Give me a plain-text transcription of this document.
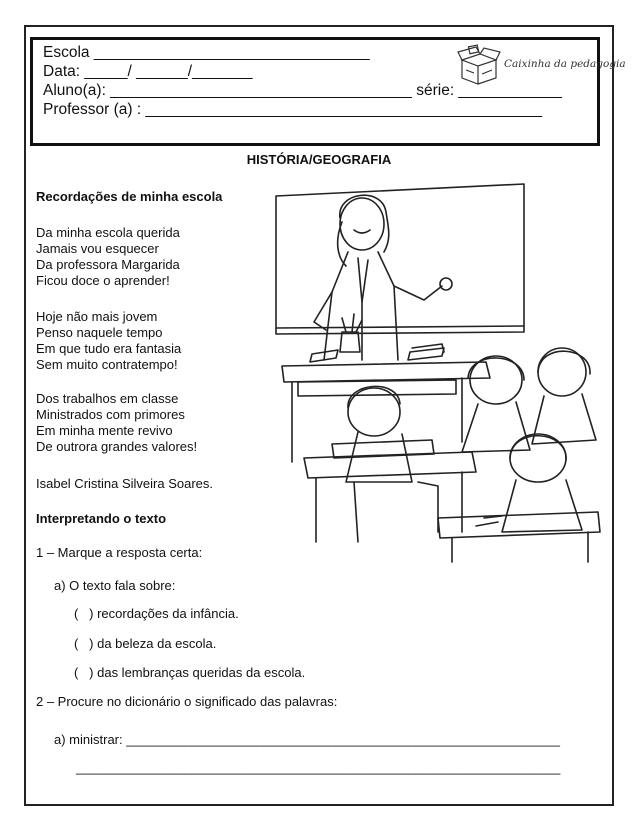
Escola ________________________________
Data: _____/ ______/_______
Aluno(a): ___________________________________ série: ____________
Professor (a) : ______________________________________________
Caixinha da pedagogia
HISTÓRIA/GEOGRAFIA
Recordações de minha escola
Da minha escola querida
Jamais vou esquecer
Da professora Margarida
Ficou doce o aprender!
Hoje não mais jovem
Penso naquele tempo
Em que tudo era fantasia
Sem muito contratempo!
Dos trabalhos em classe
Ministrados com primores
Em minha mente revivo
De outrora grandes valores!
Isabel Cristina Silveira Soares.
Interpretando o texto
1 – Marque a resposta certa:
a) O texto fala sobre:
(   ) recordações da infância.
(   ) da beleza da escola.
(   ) das lembranças queridas da escola.
2 – Procure no dicionário o significado das palavras:
a) ministrar: ____________________________________________________________
___________________________________________________________________
